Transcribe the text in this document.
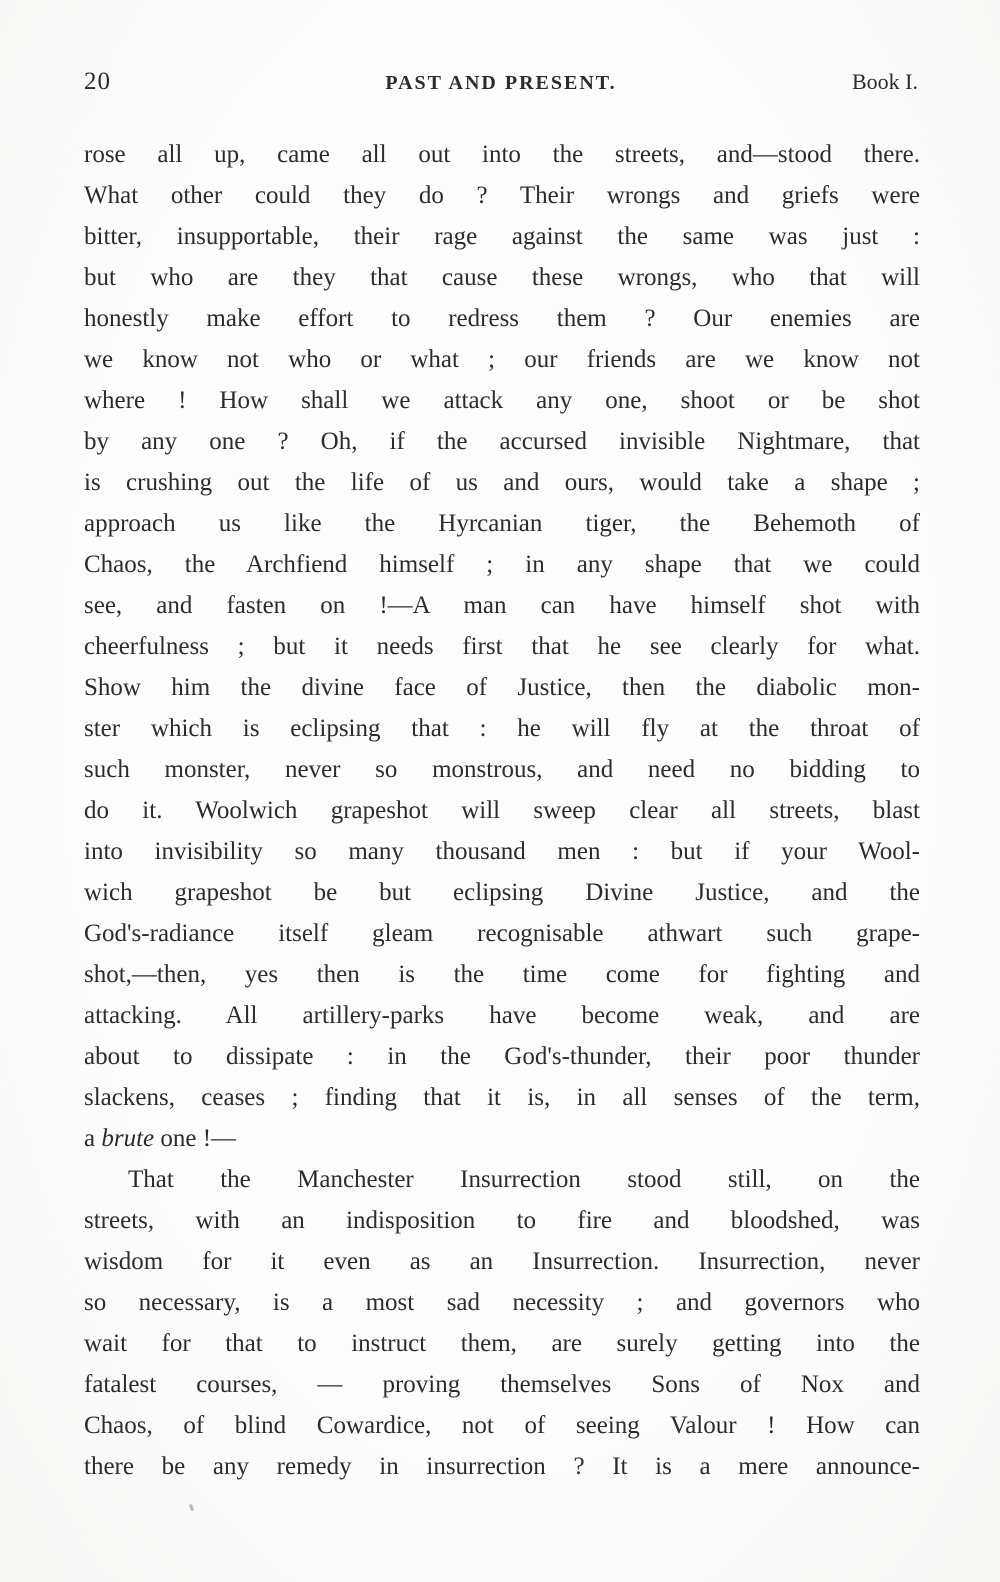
20	PAST AND PRESENT.	Book I.
rose all up, came all out into the streets, and—stood there.
What other could they do ? Their wrongs and griefs were
bitter, insupportable, their rage against the same was just :
but who are they that cause these wrongs, who that will
honestly make effort to redress them ? Our enemies are
we know not who or what ; our friends are we know not
where ! How shall we attack any one, shoot or be shot
by any one ? Oh, if the accursed invisible Nightmare, that
is crushing out the life of us and ours, would take a shape ;
approach us like the Hyrcanian tiger, the Behemoth of
Chaos, the Archfiend himself ; in any shape that we could
see, and fasten on !—A man can have himself shot with
cheerfulness ; but it needs first that he see clearly for what.
Show him the divine face of Justice, then the diabolic mon-
ster which is eclipsing that : he will fly at the throat of
such monster, never so monstrous, and need no bidding to
do it. Woolwich grapeshot will sweep clear all streets, blast
into invisibility so many thousand men : but if your Wool-
wich grapeshot be but eclipsing Divine Justice, and the
God's-radiance itself gleam recognisable athwart such grape-
shot,—then, yes then is the time come for fighting and
attacking. All artillery-parks have become weak, and are
about to dissipate : in the God's-thunder, their poor thunder
slackens, ceases ; finding that it is, in all senses of the term,
a brute one !—
That the Manchester Insurrection stood still, on the
streets, with an indisposition to fire and bloodshed, was
wisdom for it even as an Insurrection. Insurrection, never
so necessary, is a most sad necessity ; and governors who
wait for that to instruct them, are surely getting into the
fatalest courses, — proving themselves Sons of Nox and
Chaos, of blind Cowardice, not of seeing Valour ! How can
there be any remedy in insurrection ? It is a mere announce-
